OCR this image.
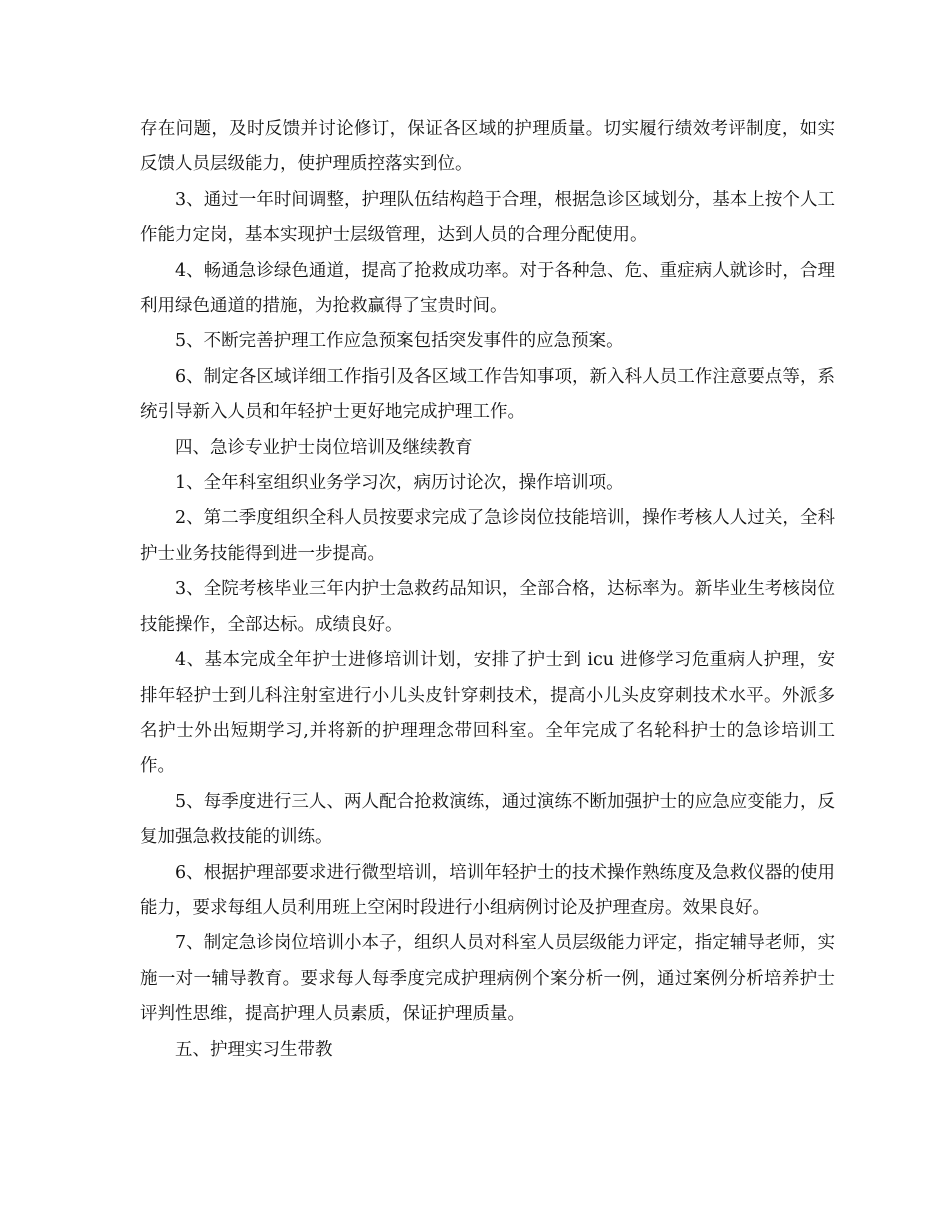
存在问题，及时反馈并讨论修订，保证各区域的护理质量。切实履行绩效考评制度，如实反馈人员层级能力，使护理质控落实到位。

3、通过一年时间调整，护理队伍结构趋于合理，根据急诊区域划分，基本上按个人工作能力定岗，基本实现护士层级管理，达到人员的合理分配使用。

4、畅通急诊绿色通道，提高了抢救成功率。对于各种急、危、重症病人就诊时，合理利用绿色通道的措施，为抢救赢得了宝贵时间。

5、不断完善护理工作应急预案包括突发事件的应急预案。

6、制定各区域详细工作指引及各区域工作告知事项，新入科人员工作注意要点等，系统引导新入人员和年轻护士更好地完成护理工作。

四、急诊专业护士岗位培训及继续教育

1、全年科室组织业务学习次，病历讨论次，操作培训项。

2、第二季度组织全科人员按要求完成了急诊岗位技能培训，操作考核人人过关，全科护士业务技能得到进一步提高。

3、全院考核毕业三年内护士急救药品知识，全部合格，达标率为。新毕业生考核岗位技能操作，全部达标。成绩良好。

4、基本完成全年护士进修培训计划，安排了护士到 icu 进修学习危重病人护理，安排年轻护士到儿科注射室进行小儿头皮针穿刺技术，提高小儿头皮穿刺技术水平。外派多名护士外出短期学习,并将新的护理理念带回科室。全年完成了名轮科护士的急诊培训工作。

5、每季度进行三人、两人配合抢救演练，通过演练不断加强护士的应急应变能力，反复加强急救技能的训练。

6、根据护理部要求进行微型培训，培训年轻护士的技术操作熟练度及急救仪器的使用能力，要求每组人员利用班上空闲时段进行小组病例讨论及护理查房。效果良好。

7、制定急诊岗位培训小本子，组织人员对科室人员层级能力评定，指定辅导老师，实施一对一辅导教育。要求每人每季度完成护理病例个案分析一例，通过案例分析培养护士评判性思维，提高护理人员素质，保证护理质量。

五、护理实习生带教
